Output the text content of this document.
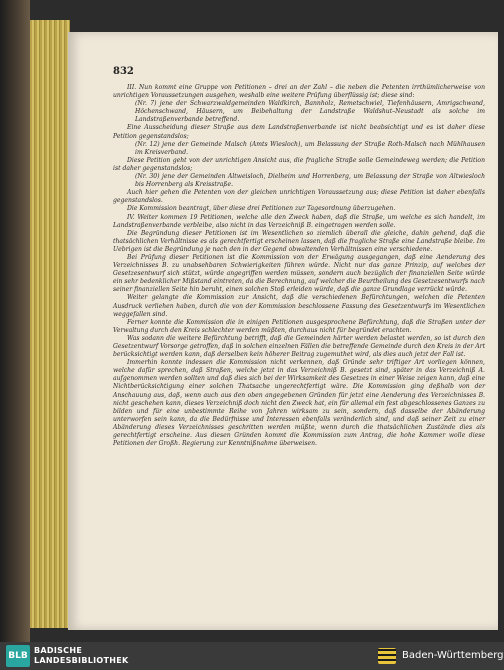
832

III. Nun kommt eine Gruppe von Petitionen – drei an der Zahl – die neben die Petenten irrthümlicherweise von unrichtigen Voraussetzungen ausgehen, weshalb eine weitere Prüfung überflüssig ist; diese sind:

(Nr. 7) jene der Schwarzwaldgemeinden Waldkirch, Bannholz, Remetschwiel, Tiefenhäusern, Amrigschwand, Höchenschwand, Häusern, um Beibehaltung der Landstraße Waldshut–Neustadt als solche im Landstraßenverbande betreffend.

Eine Ausscheidung dieser Straße aus dem Landstraßenverbande ist nicht beabsichtigt und es ist daher diese Petition gegenstandslos;

(Nr. 12) jene der Gemeinde Malsch (Amts Wiesloch), um Belassung der Straße Roth-Malsch nach Mühlhausen im Kreisverband.

Diese Petition geht von der unrichtigen Ansicht aus, die fragliche Straße solle Gemeindeweg werden; die Petition ist daher gegenstandslos;

(Nr. 30) jene der Gemeinden Altweisloch, Dielheim und Horrenberg, um Belassung der Straße von Altwiesloch bis Horrenberg als Kreisstraße.

Auch hier gehen die Petenten von der gleichen unrichtigen Voraussetzung aus; diese Petition ist daher ebenfalls gegenstandslos.

Die Kommission beantragt, über diese drei Petitionen zur Tagesordnung überzugehen.

IV. Weiter kommen 19 Petitionen, welche alle den Zweck haben, daß die Straße, um welche es sich handelt, im Landstraßenverbande verbleibe, also nicht in das Verzeichniß B. eingetragen werden solle.

Die Begründung dieser Petitionen ist im Wesentlichen so ziemlich überall die gleiche, dahin gehend, daß die thatsächlichen Verhältnisse es als gerechtfertigt erscheinen lassen, daß die fragliche Straße eine Landstraße bleibe. Im Uebrigen ist die Begründung je nach den in der Gegend obwaltenden Verhältnissen eine verschiedene.

Bei Prüfung dieser Petitionen ist die Kommission von der Erwägung ausgegangen, daß eine Aenderung des Verzeichnisses B. zu unabsehbaren Schwierigkeiten führen würde. Nicht nur das ganze Prinzip, auf welches der Gesetzesentwurf sich stützt, würde angegriffen werden müssen, sondern auch bezüglich der finanziellen Seite würde ein sehr bedenklicher Mißstand eintreten, da die Berechnung, auf welcher die Beurtheilung des Gesetzesentwurfs nach seiner finanziellen Seite hin beruht, einen solchen Stoß erleiden würde, daß die ganze Grundlage verrückt würde.

Weiter gelangte die Kommission zur Ansicht, daß die verschiedenen Befürchtungen, welchen die Petenten Ausdruck verliehen haben, durch die von der Kommission beschlossene Fassung des Gesetzentwurfs im Wesentlichen weggefallen sind.

Ferner konnte die Kommission die in einigen Petitionen ausgesprochene Befürchtung, daß die Straßen unter der Verwaltung durch den Kreis schlechter werden müßten, durchaus nicht für begründet erachten.

Was sodann die weitere Befürchtung betrifft, daß die Gemeinden härter werden belastet werden, so ist durch den Gesetzentwurf Vorsorge getroffen, daß in solchen einzelnen Fällen die betreffende Gemeinde durch den Kreis in der Art berücksichtigt werden kann, daß derselben kein höherer Beitrag zugemuthet wird, als dies auch jetzt der Fall ist.

Immerhin konnte indessen die Kommission nicht verkennen, daß Gründe sehr triftiger Art vorliegen können, welche dafür sprechen, daß Straßen, welche jetzt in das Verzeichniß B. gesetzt sind, später in das Verzeichniß A. aufgenommen werden sollten und daß dies sich bei der Wirksamkeit des Gesetzes in einer Weise zeigen kann, daß eine Nichtberücksichtigung einer solchen Thatsache ungerechtfertigt wäre. Die Kommission ging deßhalb von der Anschauung aus, daß, wenn auch aus den oben angegebenen Gründen für jetzt eine Aenderung des Verzeichnisses B. nicht geschehen kann, dieses Verzeichniß doch nicht den Zweck hat, ein für allemal ein fest abgeschlossenes Ganzes zu bilden und für eine unbestimmte Reihe von Jahren wirksam zu sein, sondern, daß dasselbe der Abänderung unterworfen sein kann, da die Bedürfnisse und Interessen ebenfalls veränderlich sind, und daß seiner Zeit zu einer Abänderung dieses Verzeichnisses geschritten werden müßte, wenn durch die thatsächlichen Zustände dies als gerechtfertigt erscheine. Aus diesen Gründen kommt die Kommission zum Antrag, die hohe Kammer wolle diese Petitionen der Großh. Regierung zur Kenntnißnahme überweisen.

BLB
BADISCHE
LANDESBIBLIOTHEK	Baden-Württemberg
